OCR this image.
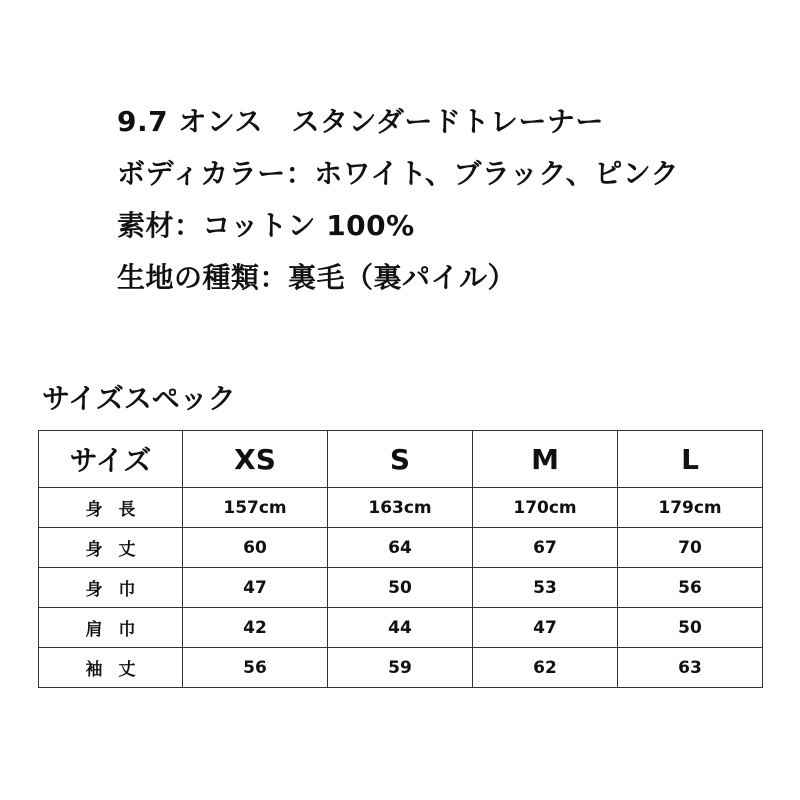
9.7 オンス　スタンダードトレーナー
ボディカラー：ホワイト、ブラック、ピンク
素材：コットン 100%
生地の種類：裏毛（裏パイル）
サイズスペック
サイズ	XS	S	M	L
身長	157cm	163cm	170cm	179cm
身丈	60	64	67	70
身巾	47	50	53	56
肩巾	42	44	47	50
袖丈	56	59	62	63
